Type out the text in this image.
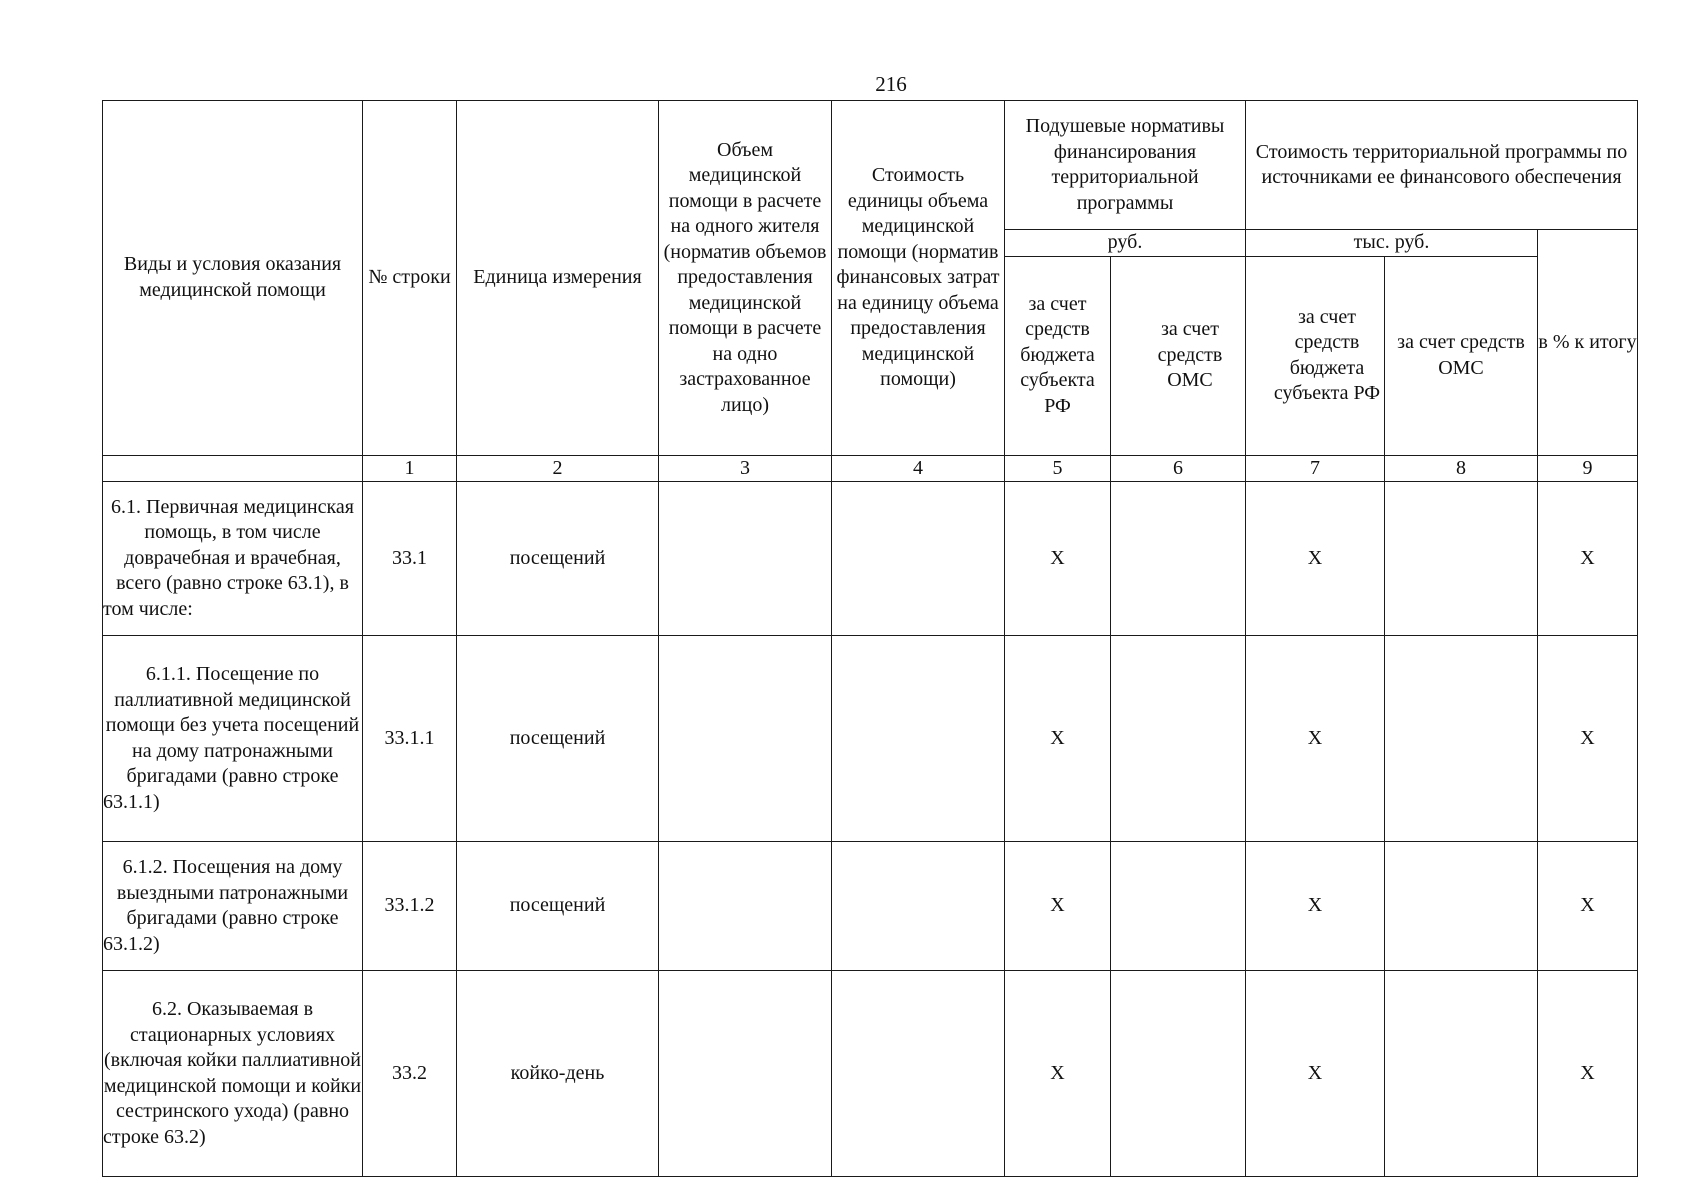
216
Виды и условия оказания медицинской помощи	№ строки	Единица измерения	Объем медицинской помощи в расчете на одного жителя (норматив объемов предоставления медицинской помощи в расчете на одно застрахованное лицо)	Стоимость единицы объема медицинской помощи (норматив финансовых затрат на единицу объема предоставления медицинской помощи)	Подушевые нормативы финансирования территориальной программы		Стоимость территориальной программы по источниками ее финансового обеспечения		
					руб.		тыс. руб.		в % к итогу
					за счет средств бюджета субъекта РФ	за счет средств ОМС	за счет средств бюджета субъекта РФ	за счет средств ОМС	
	1	2	3	4	5	6	7	8	9
6.1. Первичная медицинская помощь, в том числе доврачебная и врачебная, всего (равно строке 63.1), в том числе:	33.1	посещений			Х		Х		Х
6.1.1. Посещение по паллиативной медицинской помощи без учета посещений на дому патронажными бригадами (равно строке 63.1.1)	33.1.1	посещений			Х		Х		Х
6.1.2. Посещения на дому выездными патронажными бригадами (равно строке 63.1.2)	33.1.2	посещений			Х		Х		Х
6.2. Оказываемая в стационарных условиях (включая койки паллиативной медицинской помощи и койки сестринского ухода) (равно строке 63.2)	33.2	койко-день			Х		Х		Х
